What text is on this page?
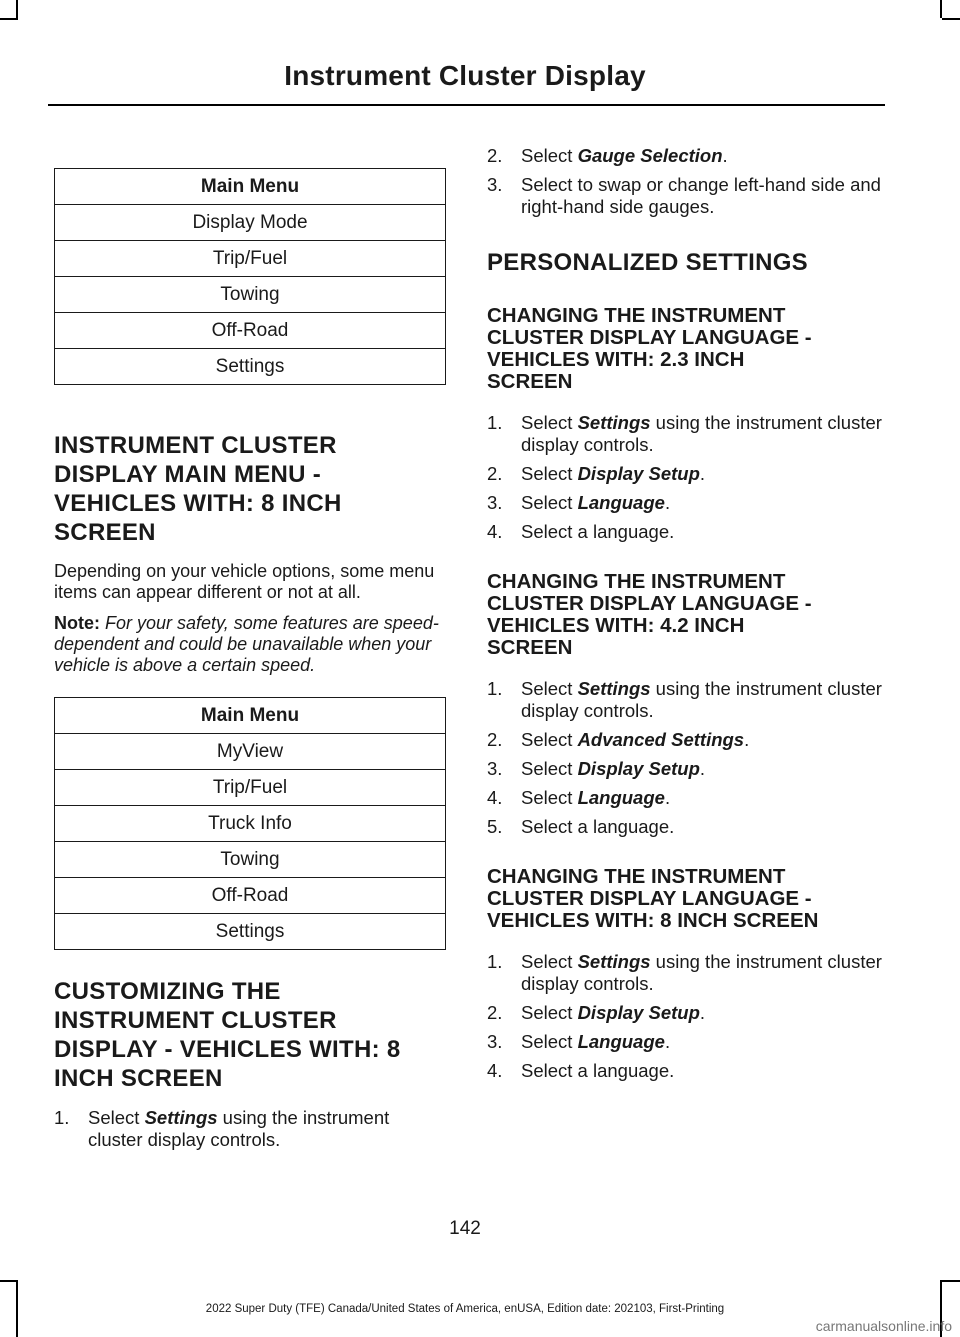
Instrument Cluster Display
Main Menu
Display Mode
Trip/Fuel
Towing
Off-Road
Settings
INSTRUMENT CLUSTER
DISPLAY MAIN MENU -
VEHICLES WITH: 8 INCH
SCREEN

Depending on your vehicle options, some menu items can appear different or not at all.

Note: For your safety, some features are speed-dependent and could be unavailable when your vehicle is above a certain speed.

Main Menu
MyView
Trip/Fuel
Truck Info
Towing
Off-Road
Settings
CUSTOMIZING THE
INSTRUMENT CLUSTER
DISPLAY - VEHICLES WITH: 8
INCH SCREEN
1. Select Settings using the instrument cluster display controls.
2. Select Gauge Selection.
3. Select to swap or change left-hand side and right-hand side gauges.
PERSONALIZED SETTINGS
CHANGING THE INSTRUMENT
CLUSTER DISPLAY LANGUAGE -
VEHICLES WITH: 2.3 INCH
SCREEN
1. Select Settings using the instrument cluster display controls.
2. Select Display Setup.
3. Select Language.
4. Select a language.
CHANGING THE INSTRUMENT
CLUSTER DISPLAY LANGUAGE -
VEHICLES WITH: 4.2 INCH
SCREEN
1. Select Settings using the instrument cluster display controls.
2. Select Advanced Settings.
3. Select Display Setup.
4. Select Language.
5. Select a language.
CHANGING THE INSTRUMENT
CLUSTER DISPLAY LANGUAGE -
VEHICLES WITH: 8 INCH SCREEN
1. Select Settings using the instrument cluster display controls.
2. Select Display Setup.
3. Select Language.
4. Select a language.
142
2022 Super Duty (TFE) Canada/United States of America, enUSA, Edition date: 202103, First-Printing
carmanualsonline.info
